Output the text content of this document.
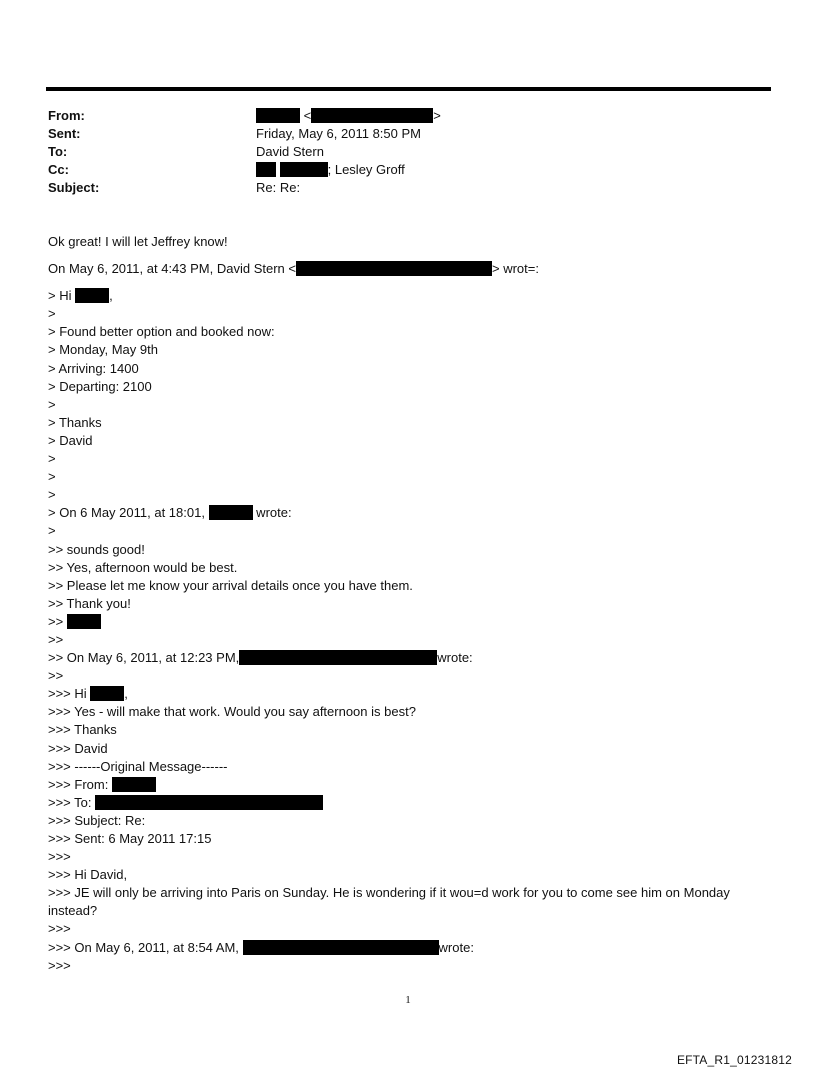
From:	<	>
Sent:	Friday, May 6, 2011 8:50 PM
To:	David Stern
Cc:	; Lesley Groff
Subject:	Re: Re:
Ok great! I will let Jeffrey know!
On May 6, 2011, at 4:43 PM, David Stern <	> wrot=:
> Hi	,
>
> Found better option and booked now:
> Monday, May 9th
> Arriving: 1400
> Departing: 2100
>
> Thanks
> David
>
>
>
> On 6 May 2011, at 18:01,	wrote:
>
>> sounds good!
>> Yes, afternoon would be best.
>> Please let me know your arrival details once you have them.
>> Thank you!
>>
>>
>> On May 6, 2011, at 12:23 PM,	wrote:
>>
>>> Hi	,
>>> Yes - will make that work. Would you say afternoon is best?
>>> Thanks
>>> David
>>> ------Original Message------
>>> From:
>>> To:
>>> Subject: Re:
>>> Sent: 6 May 2011 17:15
>>>
>>> Hi David,
>>> JE will only be arriving into Paris on Sunday. He is wondering if it wou=d work for you to come see him on Monday instead?
>>>
>>> On May 6, 2011, at 8:54 AM,	wrote:
>>>
1
EFTA_R1_01231812
